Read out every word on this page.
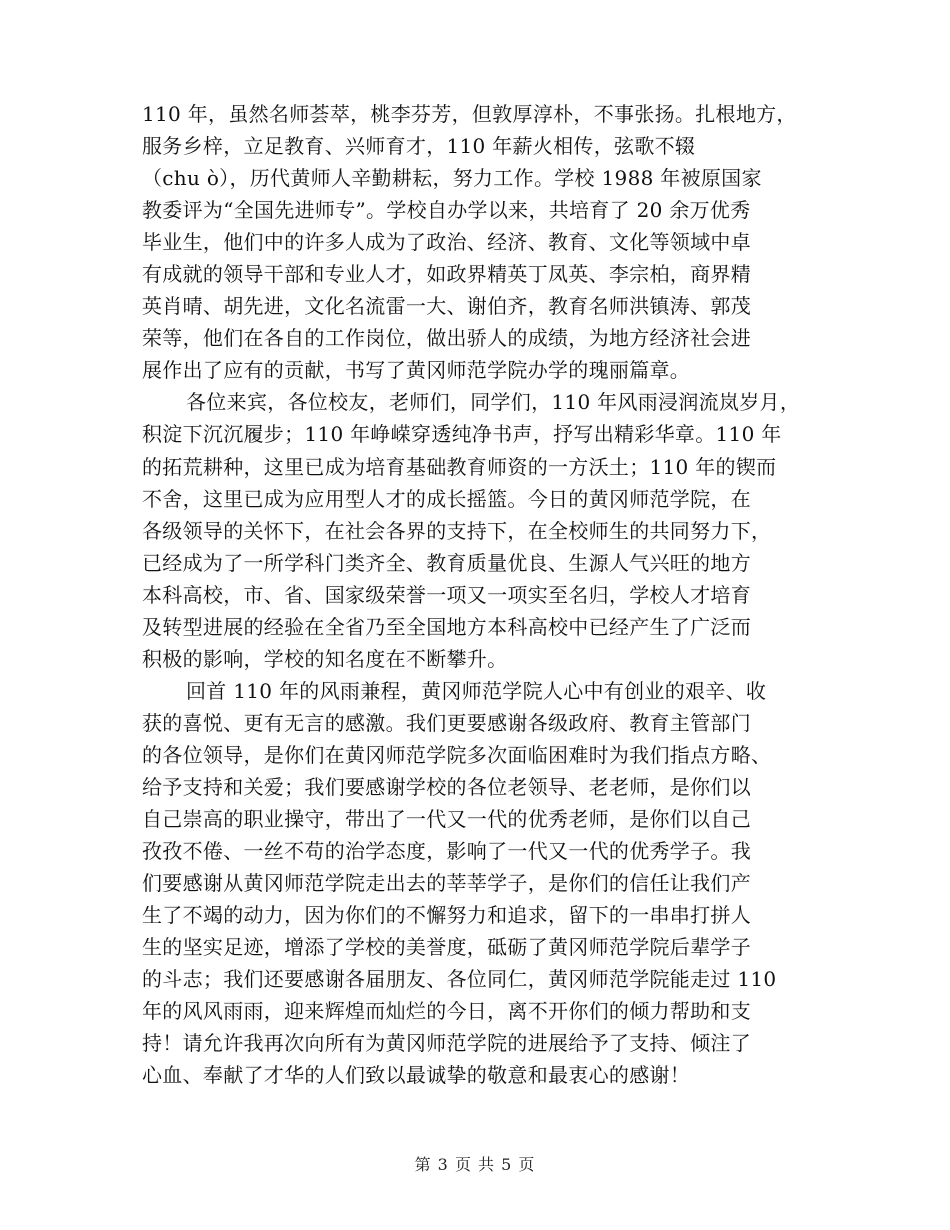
110 年，虽然名师荟萃，桃李芬芳，但敦厚淳朴，不事张扬。扎根地方，
服务乡梓，立足教育、兴师育才，110 年薪火相传，弦歌不辍
（chu ò），历代黄师人辛勤耕耘，努力工作。学校 1988 年被原国家
教委评为“全国先进师专”。学校自办学以来，共培育了 20 余万优秀
毕业生，他们中的许多人成为了政治、经济、教育、文化等领域中卓
有成就的领导干部和专业人才，如政界精英丁凤英、李宗柏，商界精
英肖晴、胡先进，文化名流雷一大、谢伯齐，教育名师洪镇涛、郭茂
荣等，他们在各自的工作岗位，做出骄人的成绩，为地方经济社会进
展作出了应有的贡献，书写了黄冈师范学院办学的瑰丽篇章。
各位来宾，各位校友，老师们，同学们，110 年风雨浸润流岚岁月，
积淀下沉沉履步；110 年峥嵘穿透纯净书声，抒写出精彩华章。110 年
的拓荒耕种，这里已成为培育基础教育师资的一方沃土；110 年的锲而
不舍，这里已成为应用型人才的成长摇篮。今日的黄冈师范学院，在
各级领导的关怀下，在社会各界的支持下，在全校师生的共同努力下，
已经成为了一所学科门类齐全、教育质量优良、生源人气兴旺的地方
本科高校，市、省、国家级荣誉一项又一项实至名归，学校人才培育
及转型进展的经验在全省乃至全国地方本科高校中已经产生了广泛而
积极的影响，学校的知名度在不断攀升。
回首 110 年的风雨兼程，黄冈师范学院人心中有创业的艰辛、收
获的喜悦、更有无言的感激。我们更要感谢各级政府、教育主管部门
的各位领导，是你们在黄冈师范学院多次面临困难时为我们指点方略、
给予支持和关爱；我们要感谢学校的各位老领导、老老师，是你们以
自己崇高的职业操守，带出了一代又一代的优秀老师，是你们以自己
孜孜不倦、一丝不苟的治学态度，影响了一代又一代的优秀学子。我
们要感谢从黄冈师范学院走出去的莘莘学子，是你们的信任让我们产
生了不竭的动力，因为你们的不懈努力和追求，留下的一串串打拼人
生的坚实足迹，增添了学校的美誉度，砥砺了黄冈师范学院后辈学子
的斗志；我们还要感谢各届朋友、各位同仁，黄冈师范学院能走过 110
年的风风雨雨，迎来辉煌而灿烂的今日，离不开你们的倾力帮助和支
持！请允许我再次向所有为黄冈师范学院的进展给予了支持、倾注了
心血、奉献了才华的人们致以最诚挚的敬意和最衷心的感谢！
第 3 页 共 5 页
